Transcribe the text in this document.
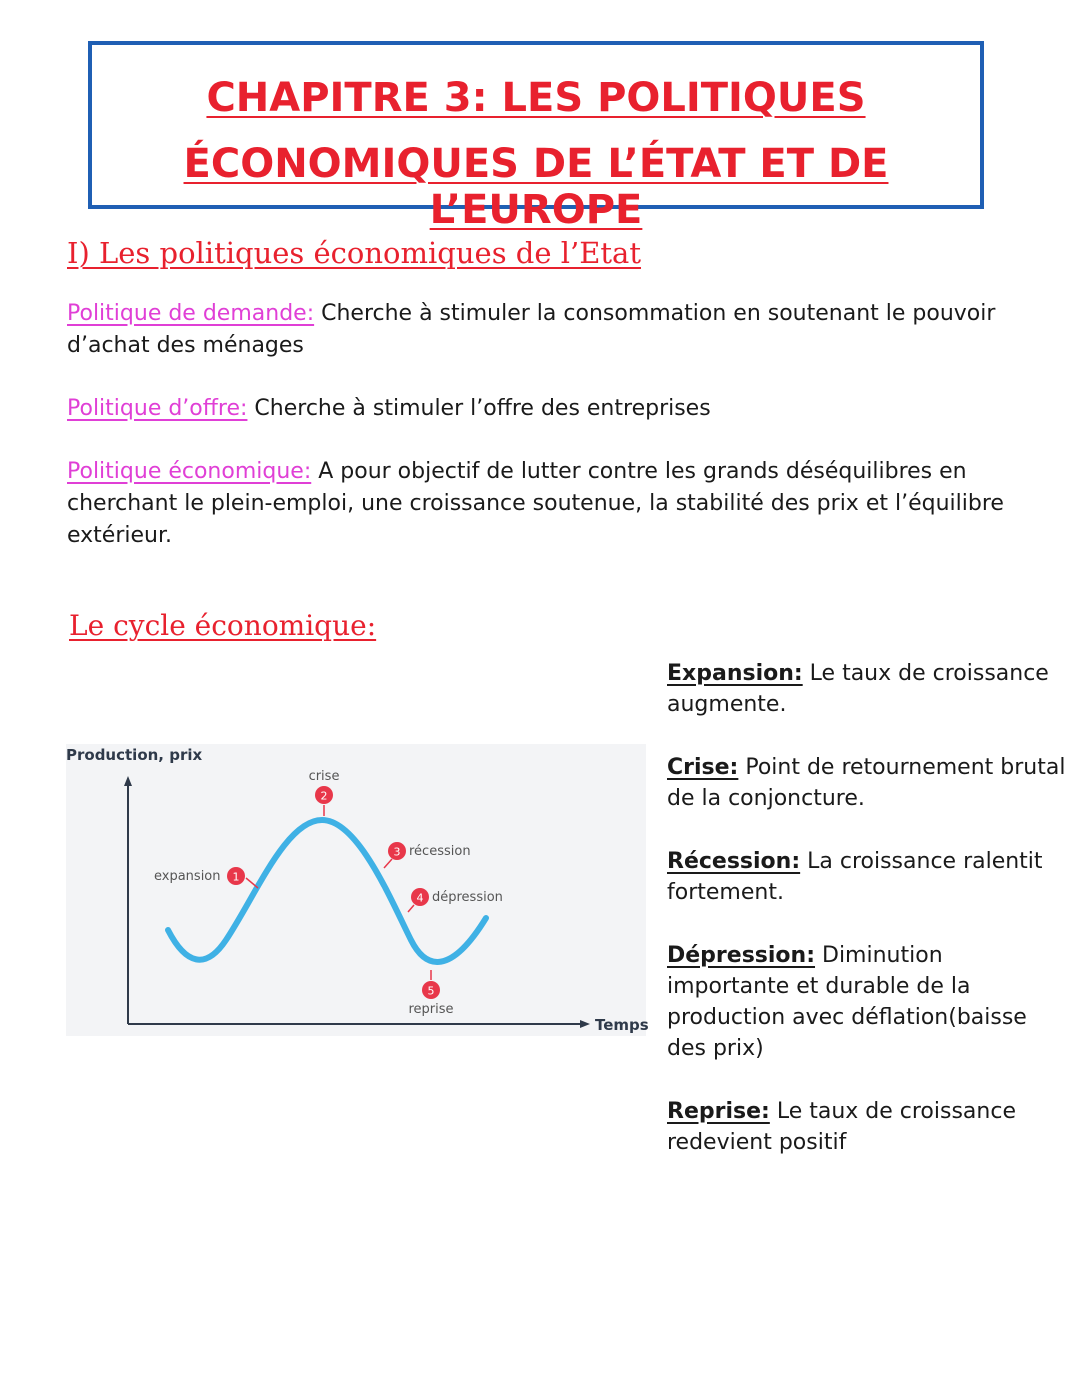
CHAPITRE 3: LES POLITIQUES
ÉCONOMIQUES DE L’ÉTAT ET DE L’EUROPE
I) Les politiques économiques de l’Etat
Politique de demande: Cherche à stimuler la consommation en soutenant le pouvoir d’achat des ménages
Politique d’offre: Cherche à stimuler l’offre des entreprises
Politique économique: A pour objectif de lutter contre les grands déséquilibres en cherchant le plein-emploi, une croissance soutenue, la stabilité des prix et l’équilibre extérieur.
Le cycle économique:
Production, prix
Temps
expansion 1
crise
2
3 récession
4 dépression
5
reprise
Expansion: Le taux de croissance augmente.
Crise: Point de retournement brutal de la conjoncture.
Récession: La croissance ralentit fortement.
Dépression: Diminution importante et durable de la production avec déflation(baisse des prix)
Reprise: Le taux de croissance redevient positif
